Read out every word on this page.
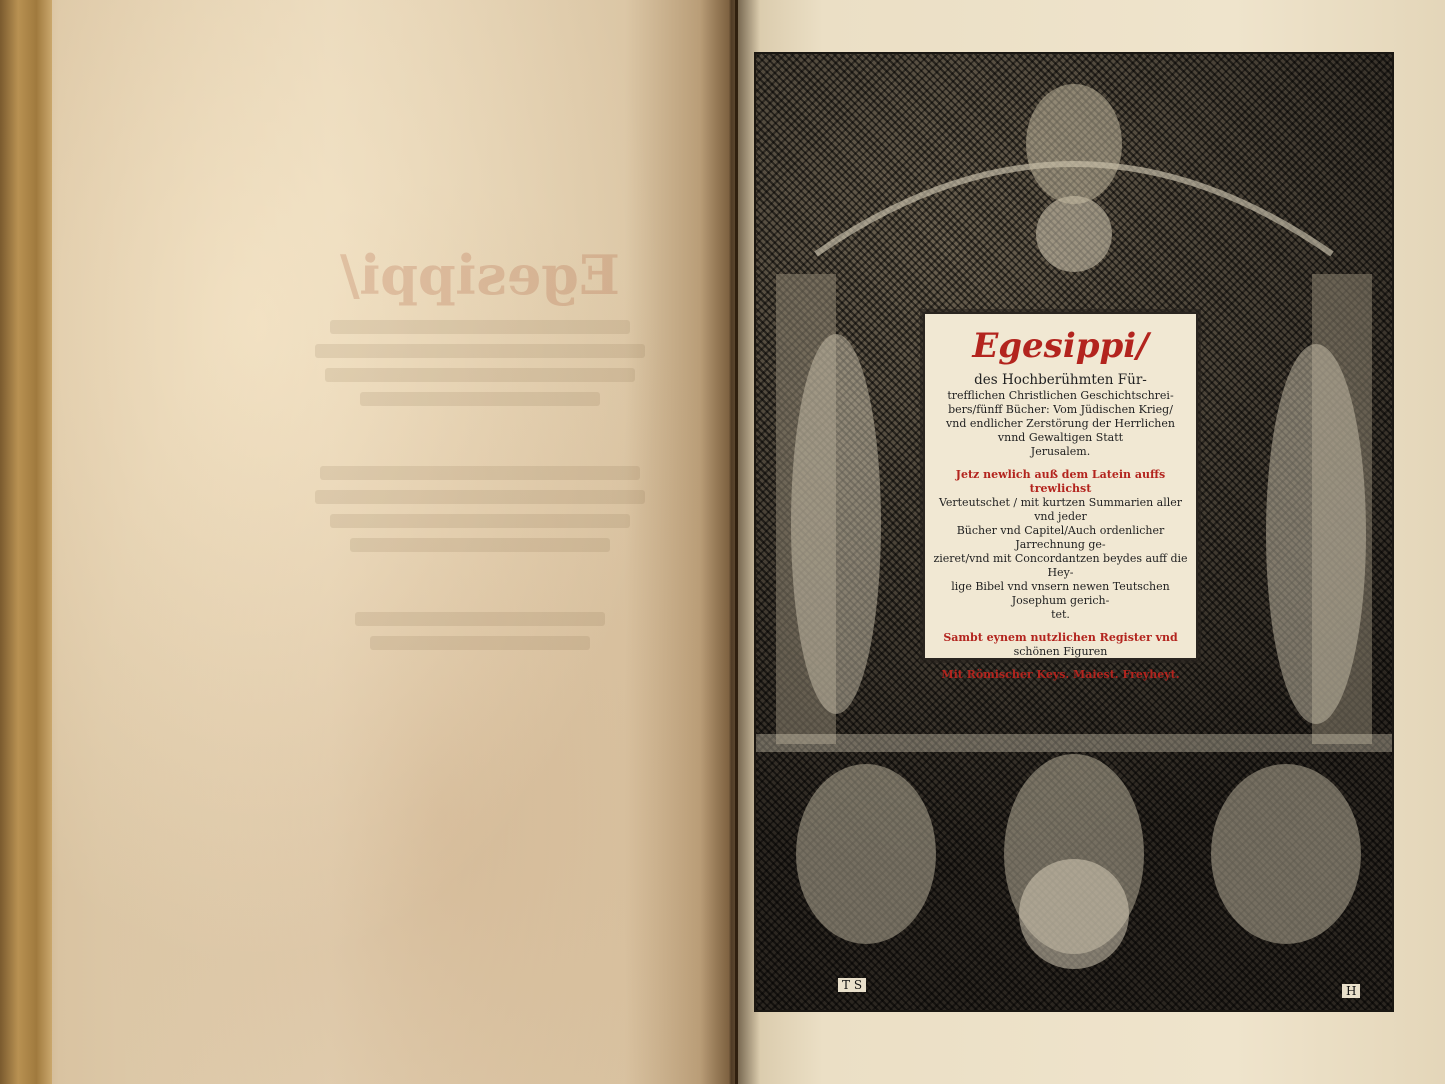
Egesippi/
Egesippi/

des Hochberühmten Für-

trefflichen Christlichen Geschichtschrei-

bers/fünff Bücher: Vom Jüdischen Krieg/

vnd endlicher Zerstörung der Herrlichen

vnnd Gewaltigen Statt

Jerusalem.

Jetz newlich auß dem Latein auffs trewlichst

Verteutschet / mit kurtzen Summarien aller vnd jeder

Bücher vnd Capitel/Auch ordenlicher Jarrechnung ge-

zieret/vnd mit Concordantzen beydes auff die Hey-

lige Bibel vnd vnsern newen Teutschen

Josephum gerich-

tet.

Sambt eynem nutzlichen Register vnd

schönen Figuren

Mit Römischer Keys. Maiest. Freyheyt.

T S	H
